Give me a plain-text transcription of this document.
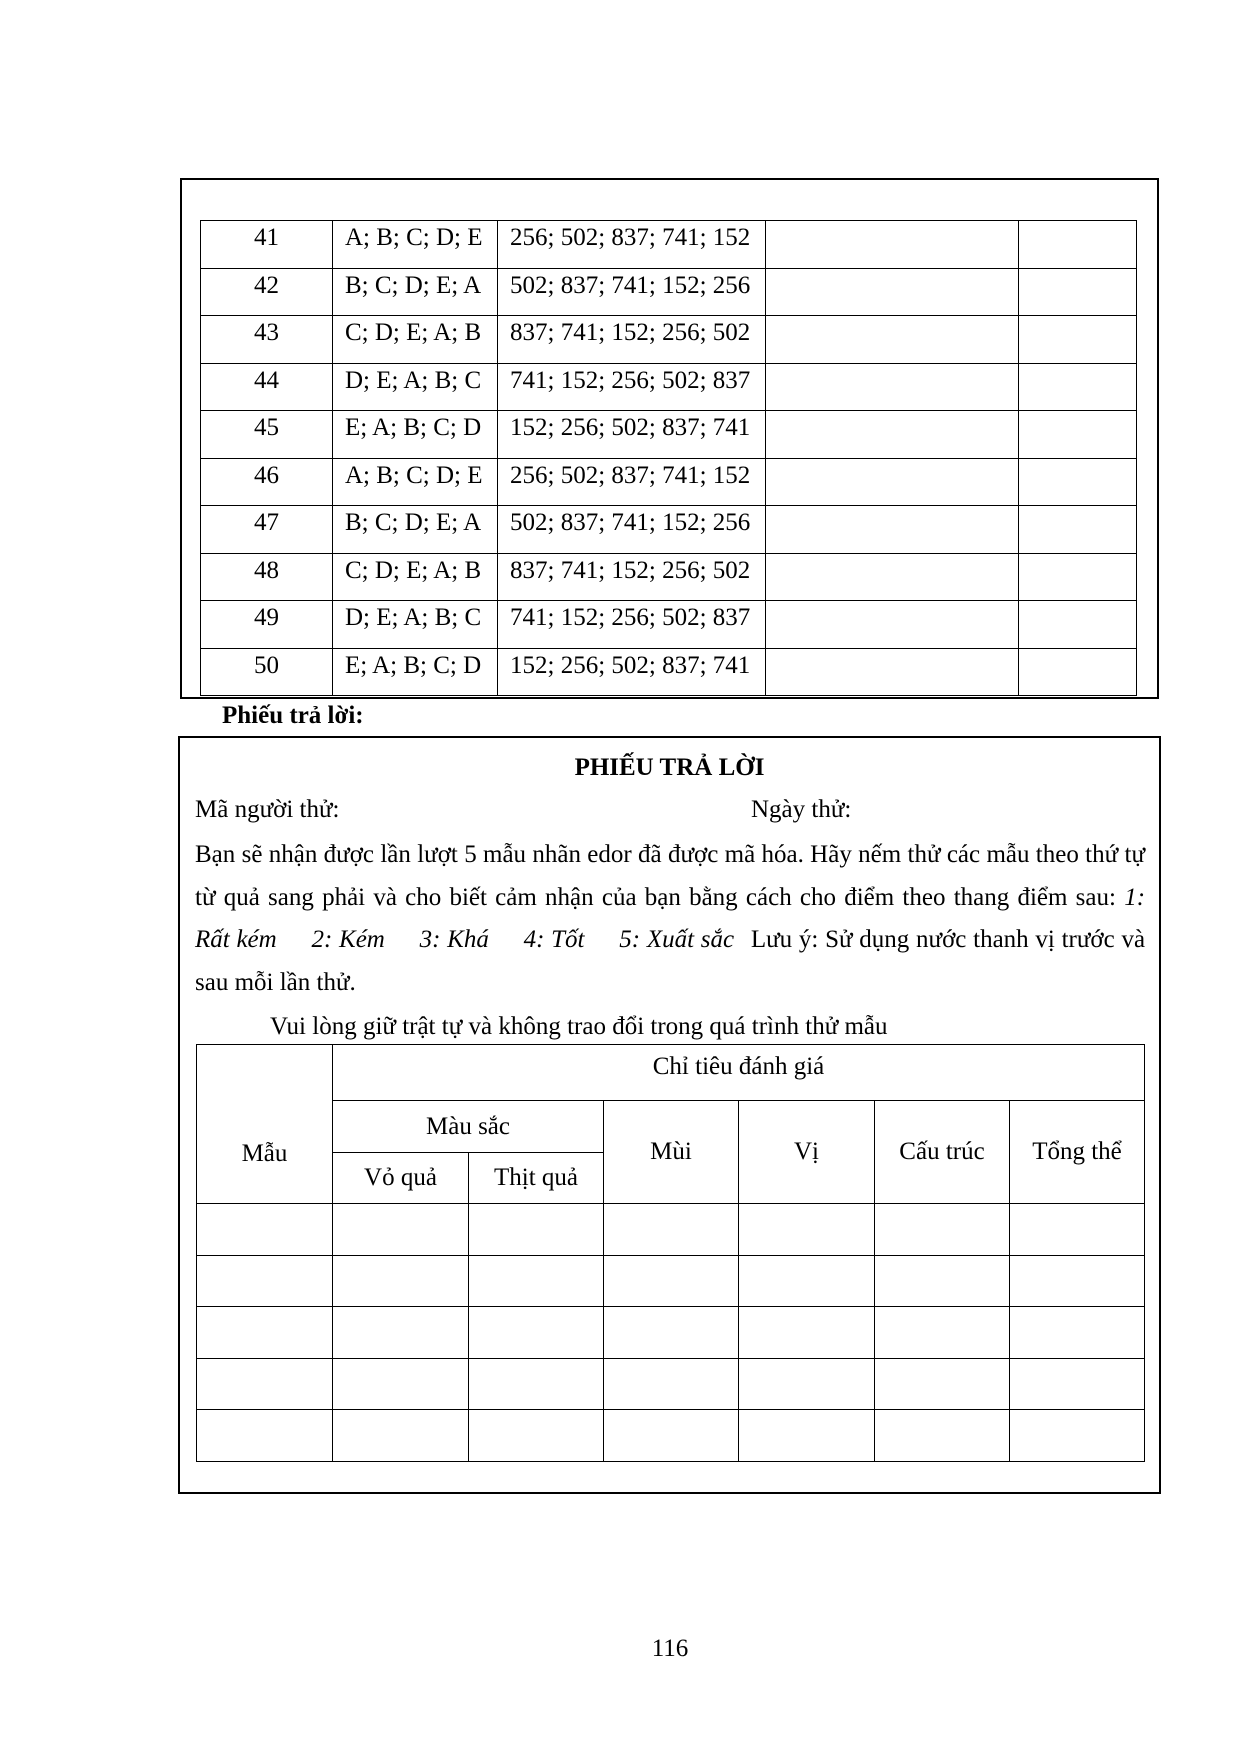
41	A; B; C; D; E	256; 502; 837; 741; 152		
42	B; C; D; E; A	502; 837; 741; 152; 256		
43	C; D; E; A; B	837; 741; 152; 256; 502		
44	D; E; A; B; C	741; 152; 256; 502; 837		
45	E; A; B; C; D	152; 256; 502; 837; 741		
46	A; B; C; D; E	256; 502; 837; 741; 152		
47	B; C; D; E; A	502; 837; 741; 152; 256		
48	C; D; E; A; B	837; 741; 152; 256; 502		
49	D; E; A; B; C	741; 152; 256; 502; 837		
50	E; A; B; C; D	152; 256; 502; 837; 741		
Phiếu trả lời:
PHIẾU TRẢ LỜI
Mã người thử:	Ngày thử:

Bạn sẽ nhận được lần lượt 5 mẫu nhãn edor đã được mã hóa. Hãy nếm thử các mẫu theo thứ tự từ quả sang phải và cho biết cảm nhận của bạn bằng cách cho điểm theo thang điểm sau: 1: Rất kém 2: Kém 3: Khá 4: Tốt 5: Xuất sắc Lưu ý: Sử dụng nước thanh vị trước và sau mỗi lần thử.

Vui lòng giữ trật tự và không trao đổi trong quá trình thử mẫu
Mẫu	Chỉ tiêu đánh giá					
	Màu sắc		Mùi	Vị	Cấu trúc	Tổng thể
	Vỏ quả	Thịt quả				

116
